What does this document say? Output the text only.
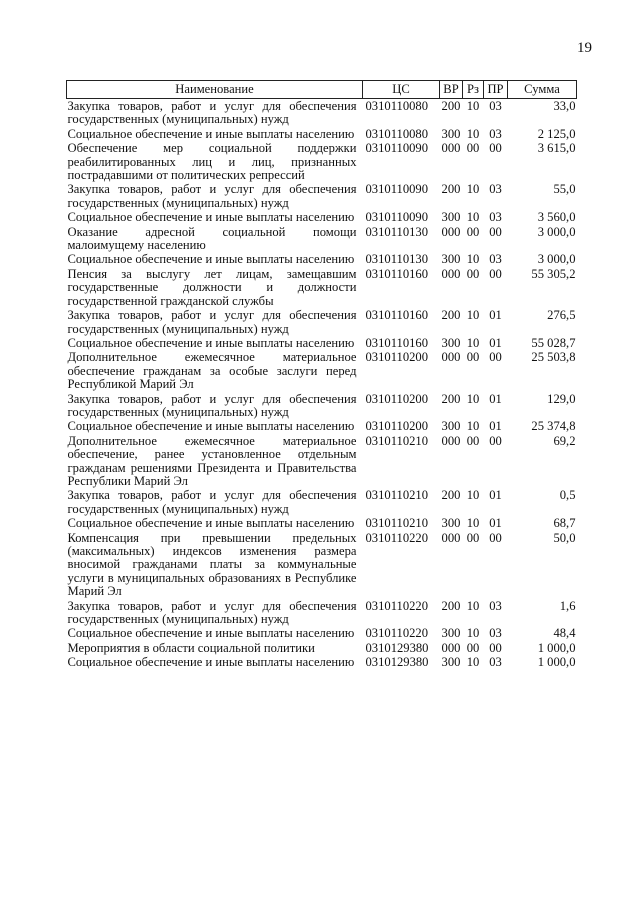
19
Наименование	ЦС	ВР	Рз	ПР	Сумма
Закупка товаров, работ и услуг для обеспечения государственных (муниципальных) нужд	0310110080	200	10	03	33,0
Социальное обеспечение и иные выплаты населению	0310110080	300	10	03	2 125,0
Обеспечение мер социальной поддержки реабилитированных лиц и лиц, признанных пострадавшими от политических репрессий	0310110090	000	00	00	3 615,0
Закупка товаров, работ и услуг для обеспечения государственных (муниципальных) нужд	0310110090	200	10	03	55,0
Социальное обеспечение и иные выплаты населению	0310110090	300	10	03	3 560,0
Оказание адресной социальной помощи малоимущему населению	0310110130	000	00	00	3 000,0
Социальное обеспечение и иные выплаты населению	0310110130	300	10	03	3 000,0
Пенсия за выслугу лет лицам, замещавшим государственные должности и должности государственной гражданской службы	0310110160	000	00	00	55 305,2
Закупка товаров, работ и услуг для обеспечения государственных (муниципальных) нужд	0310110160	200	10	01	276,5
Социальное обеспечение и иные выплаты населению	0310110160	300	10	01	55 028,7
Дополнительное ежемесячное материальное обеспечение гражданам за особые заслуги перед Республикой Марий Эл	0310110200	000	00	00	25 503,8
Закупка товаров, работ и услуг для обеспечения государственных (муниципальных) нужд	0310110200	200	10	01	129,0
Социальное обеспечение и иные выплаты населению	0310110200	300	10	01	25 374,8
Дополнительное ежемесячное материальное обеспечение, ранее установленное отдельным гражданам решениями Президента и Правительства Республики Марий Эл	0310110210	000	00	00	69,2
Закупка товаров, работ и услуг для обеспечения государственных (муниципальных) нужд	0310110210	200	10	01	0,5
Социальное обеспечение и иные выплаты населению	0310110210	300	10	01	68,7
Компенсация при превышении предельных (максимальных) индексов изменения размера вносимой гражданами платы за коммунальные услуги в муниципальных образованиях в Республике Марий Эл	0310110220	000	00	00	50,0
Закупка товаров, работ и услуг для обеспечения государственных (муниципальных) нужд	0310110220	200	10	03	1,6
Социальное обеспечение и иные выплаты населению	0310110220	300	10	03	48,4
Мероприятия в области социальной политики	0310129380	000	00	00	1 000,0
Социальное обеспечение и иные выплаты населению	0310129380	300	10	03	1 000,0
